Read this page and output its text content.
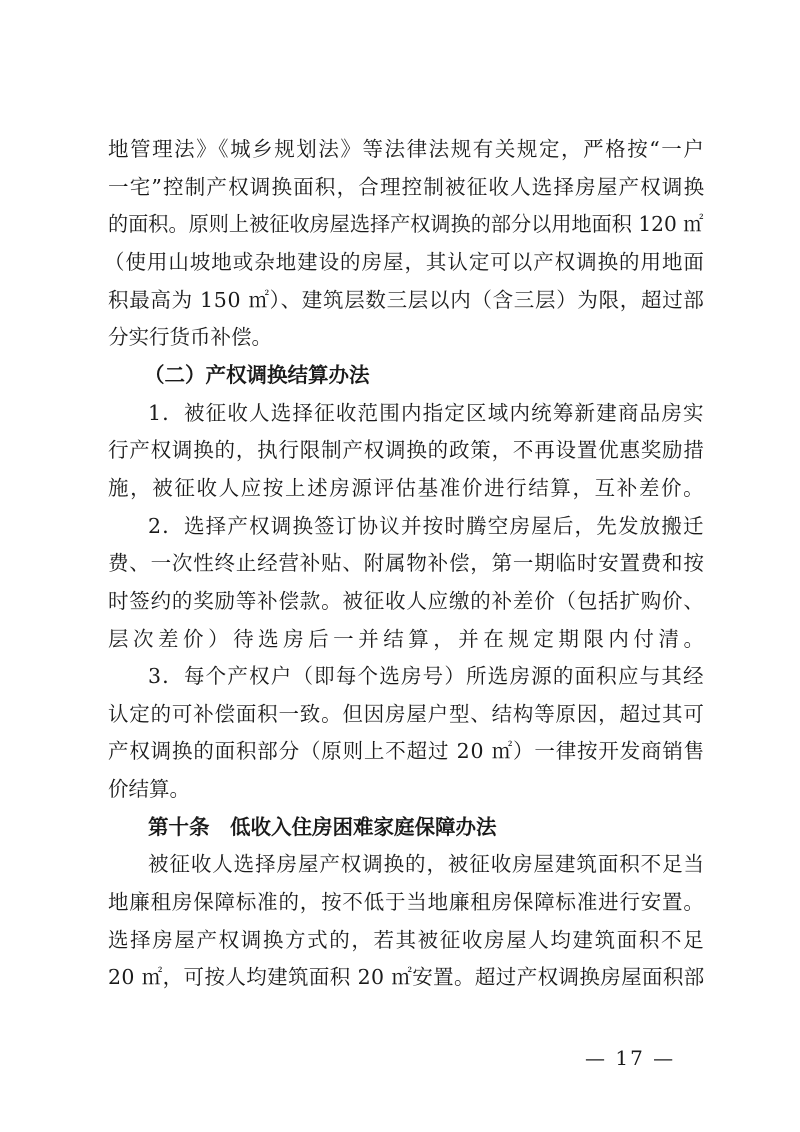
地管理法》《城乡规划法》等法律法规有关规定，严格按“一户
一宅”控制产权调换面积，合理控制被征收人选择房屋产权调换
的面积。原则上被征收房屋选择产权调换的部分以用地面积 120 ㎡
（使用山坡地或杂地建设的房屋，其认定可以产权调换的用地面
积最高为 150 ㎡）、建筑层数三层以内（含三层）为限，超过部
分实行货币补偿。
（二）产权调换结算办法
1．被征收人选择征收范围内指定区域内统筹新建商品房实
行产权调换的，执行限制产权调换的政策，不再设置优惠奖励措
施，被征收人应按上述房源评估基准价进行结算，互补差价。
2．选择产权调换签订协议并按时腾空房屋后，先发放搬迁
费、一次性终止经营补贴、附属物补偿，第一期临时安置费和按
时签约的奖励等补偿款。被征收人应缴的补差价（包括扩购价、
层次差价）待选房后一并结算，并在规定期限内付清。
3．每个产权户（即每个选房号）所选房源的面积应与其经
认定的可补偿面积一致。但因房屋户型、结构等原因，超过其可
产权调换的面积部分（原则上不超过 20 ㎡）一律按开发商销售
价结算。
第十条　低收入住房困难家庭保障办法
被征收人选择房屋产权调换的，被征收房屋建筑面积不足当
地廉租房保障标准的，按不低于当地廉租房保障标准进行安置。
选择房屋产权调换方式的，若其被征收房屋人均建筑面积不足
20 ㎡，可按人均建筑面积 20 ㎡安置。超过产权调换房屋面积部
— 17 —
